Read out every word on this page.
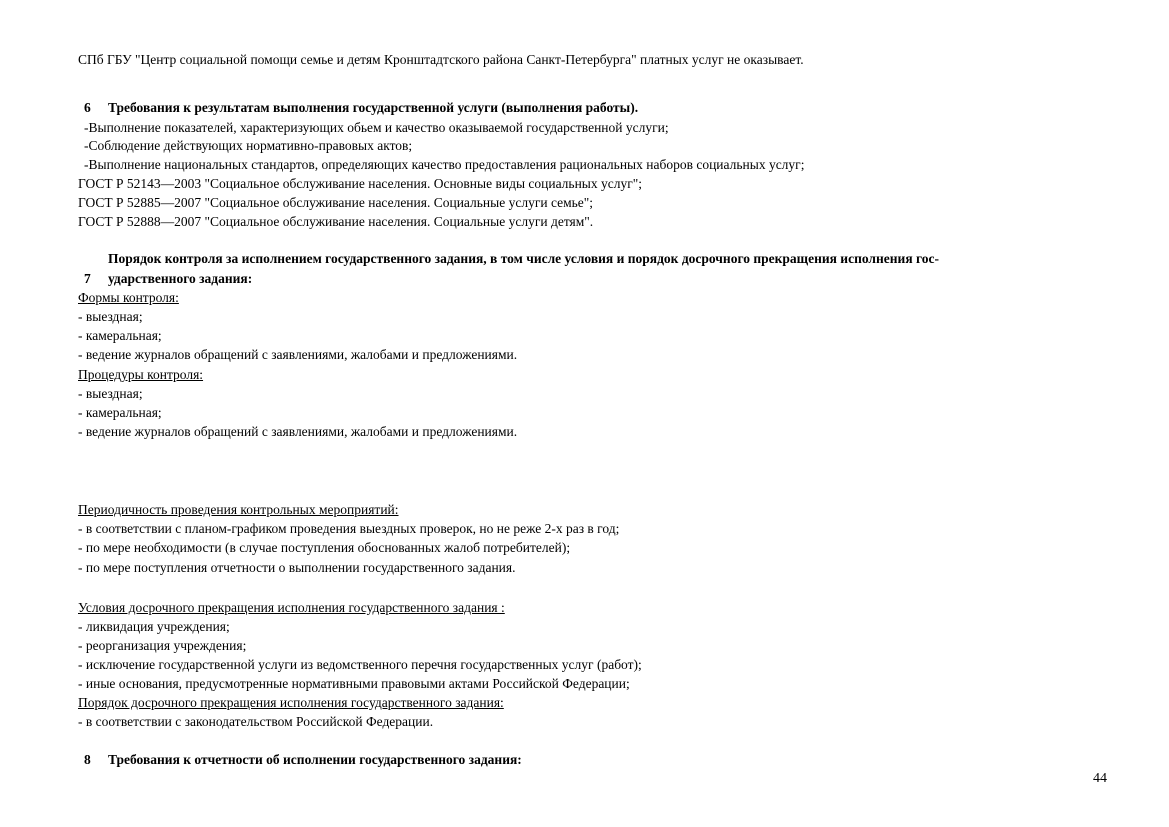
СПб ГБУ "Центр социальной помощи семье и детям Кронштадтского района Санкт-Петербурга" платных услуг не оказывает.
6 Требования к результатам выполнения государственной услуги (выполнения работы).
-Выполнение показателей, характеризующих обьем и качество оказываемой государственной услуги;
-Соблюдение действующих нормативно-правовых актов;
-Выполнение национальных стандартов, определяющих качество предоставления рациональных наборов социальных услуг;
ГОСТ Р 52143—2003 "Социальное обслуживание населения. Основные виды социальных услуг";
ГОСТ Р 52885—2007 "Социальное обслуживание населения. Социальные услуги семье";
ГОСТ Р 52888—2007 "Социальное обслуживание населения. Социальные услуги детям".
Порядок контроля за исполнением государственного задания, в том числе условия и порядок досрочного прекращения исполнения гос-
7 ударственного задания:
Формы контроля:
- выездная;
- камеральная;
- ведение журналов обращений с заявлениями, жалобами и предложениями.
Процедуры контроля:
- выездная;
- камеральная;
- ведение журналов обращений с заявлениями, жалобами и предложениями.
Периодичность проведения контрольных мероприятий:
- в соответствии с планом-графиком проведения выездных проверок, но не реже 2-х раз в год;
- по мере необходимости (в случае поступления обоснованных жалоб потребителей);
- по мере поступления отчетности о выполнении государственного задания.
Условия досрочного прекращения исполнения государственного задания :
- ликвидация учреждения;
- реорганизация учреждения;
- исключение государственной услуги из ведомственного перечня государственных услуг (работ);
- иные основания, предусмотренные нормативными правовыми актами Российской Федерации;
Порядок досрочного прекращения исполнения государственного задания:
- в соответствии с законодательством Российской Федерации.
8 Требования к отчетности об исполнении государственного задания:
44
